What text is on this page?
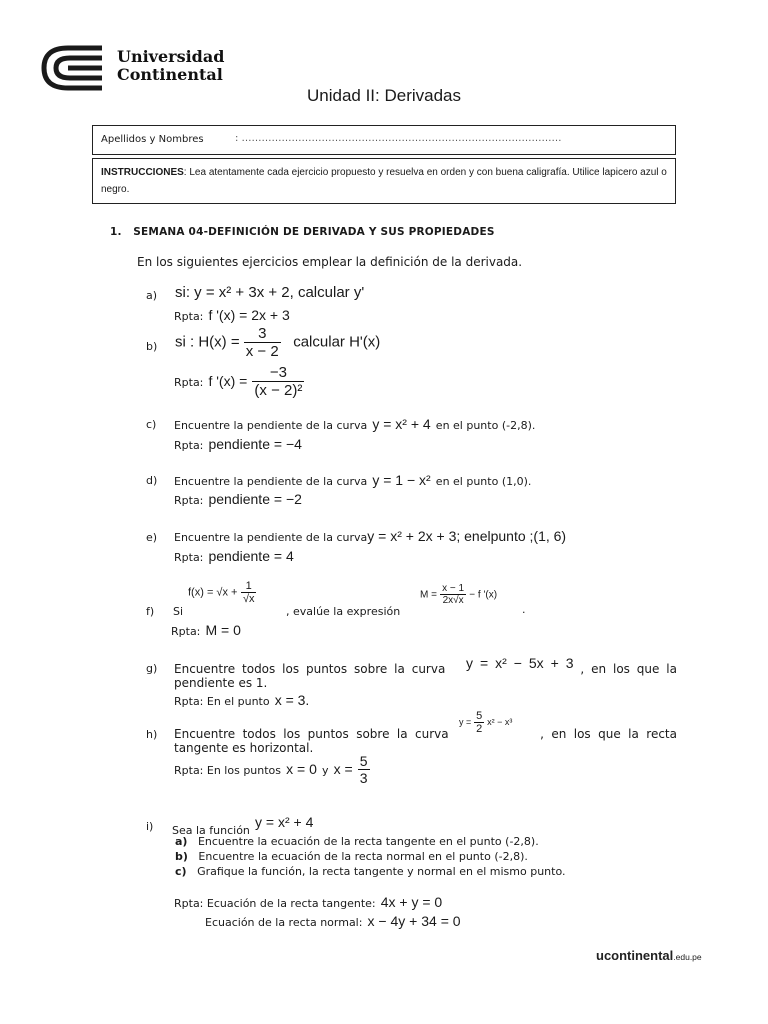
Universidad
Continental
Unidad II: Derivadas
Apellidos y Nombres	: ……………………………………………………………………………………
INSTRUCCIONES: Lea atentamente cada ejercicio propuesto y resuelva en orden y con buena caligrafía. Utilice lapicero azul o negro.
1. SEMANA 04-DEFINICIÓN DE DERIVADA Y SUS PROPIEDADES
En los siguientes ejercicios emplear la definición de la derivada.
a) si: y = x² + 3x + 2, calcular y'
Rpta: f '(x) = 2x + 3
b) si : $H(x) = \frac{3}{x - 2}$ calcular H'(x)
Rpta: f '$(x) = \frac{-3}{\text{(x − 2)²}}$
c) Encuentre la pendiente de la curva y = x² + 4 en el punto (-2,8).
Rpta: pendiente = −4
d) Encuentre la pendiente de la curva y = 1 − x² en el punto (1,0).
Rpta: pendiente = −2
e) Encuentre la pendiente de la curvay = x² + 2x + 3; enelpunto ;(1, 6)
Rpta: pendiente = 4
f) Si
$f(x) = √x + \frac{1}{√x}$
, evalúe la expresión
$M = \frac{x - 1}{2x√x} - f$ '(x)
.
Rpta: M = 0
g) Encuentre todos los puntos sobre la curva y = x² − 5x + 3 , en los que la pendiente es 1.
Rpta: En el punto x = 3.
h)
$y = \frac{5}{2} x^2 - x^3$
Encuentre todos los puntos sobre la curva	, en los que la recta tangente es horizontal.
Rpta: En los puntos x = 0 y $x = \frac{5}{3}$
i) $_{Sea la función}$ y = x² + 4
a) Encuentre la ecuación de la recta tangente en el punto (-2,8).
b) Encuentre la ecuación de la recta normal en el punto (-2,8).
c) Grafique la función, la recta tangente y normal en el mismo punto.
Rpta: Ecuación de la recta tangente: 4x + y = 0
Ecuación de la recta normal: x − 4y + 34 = 0
ucontinental.edu.pe
